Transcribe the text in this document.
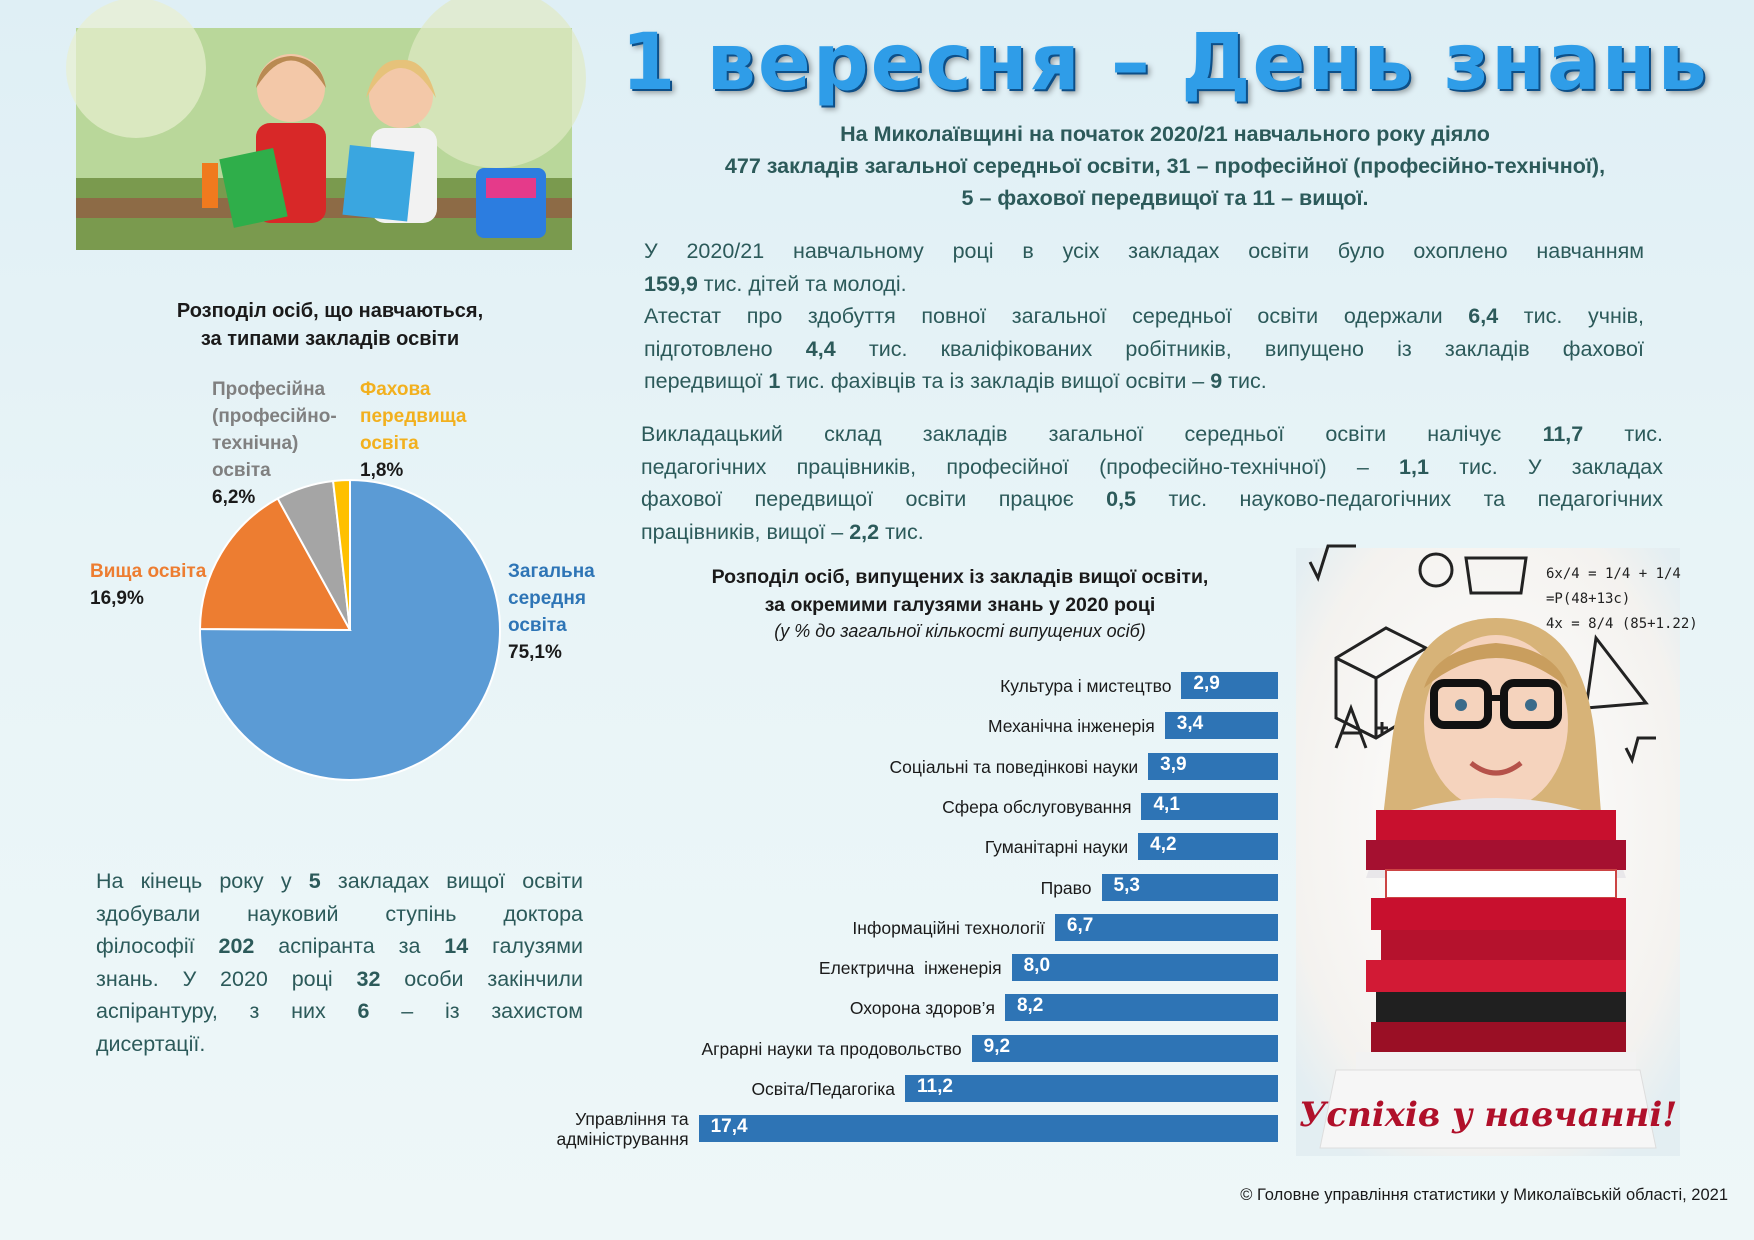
1 вересня – День знань
На Миколаївщині на початок 2020/21 навчального року діяло
477 закладів загальної середньої освіти, 31 – професійної (професійно-технічної),
5 – фахової передвищої та 11 – вищої.
У 2020/21 навчальному році в усіх закладах освіти було охоплено навчанням
159,9 тис. дітей та молоді.
Атестат про здобуття повної загальної середньої освіти одержали 6,4 тис. учнів,
підготовлено 4,4 тис. кваліфікованих робітників, випущено із закладів фахової
передвищої 1 тис. фахівців та із закладів вищої освіти – 9 тис.
Викладацький склад закладів загальної середньої освіти налічує 11,7 тис.
педагогічних працівників, професійної (професійно-технічної) – 1,1 тис. У закладах
фахової передвищої освіти працює 0,5 тис. науково-педагогічних та педагогічних
працівників, вищої – 2,2 тис.
Розподіл осіб, що навчаються,
за типами закладів освіти
Загальна
середня
освіта
75,1%
Вища освіта
16,9%
Професійна
(професійно-
технічна)
освіта
6,2%
Фахова
передвища
освіта
1,8%
На кінець року у 5 закладах вищої освіти
здобували науковий ступінь доктора
філософії 202 аспіранта за 14 галузями
знань. У 2020 році 32 особи закінчили
аспірантуру, з них 6 – із захистом
дисертації.
Розподіл осіб, випущених із закладів вищої освіти,
за окремими галузями знань у 2020 році
(у % до загальної кількості випущених осіб)
2,9
Культура і мистецтво
3,4
Механічна інженерія
3,9
Соціальні та поведінкові науки
4,1
Сфера обслуговування
4,2
Гуманітарні науки
5,3
Право
6,7
Інформаційні технології
8,0
Електрична  інженерія
8,2
Охорона здоров’я
9,2
Аграрні науки та продовольство
11,2
Освіта/Педагогіка
17,4
Управління та
адміністрування
6x/4 = 1/4 + 1/4
=P(48+13c)
4x = 8/4 (85+1.22)
Успіхів у навчанні!
© Головне управління статистики у Миколаївській області, 2021
